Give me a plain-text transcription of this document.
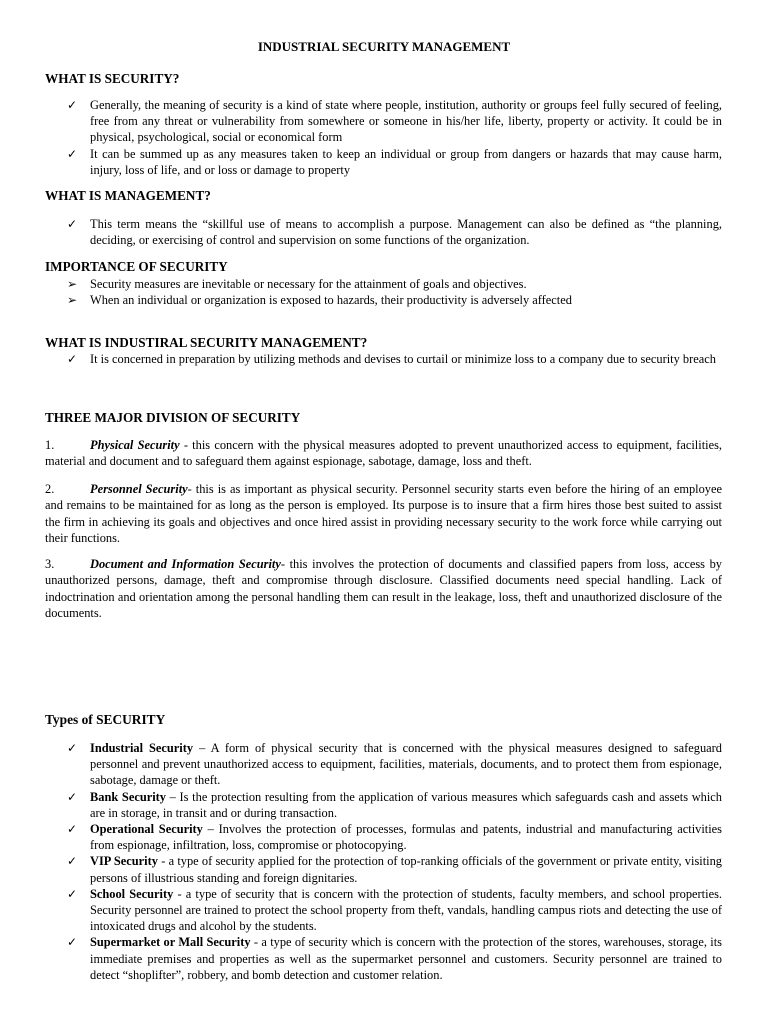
INDUSTRIAL SECURITY MANAGEMENT
WHAT IS SECURITY?
✓ Generally, the meaning of security is a kind of state where people, institution, authority or groups feel fully secured of feeling, free from any threat or vulnerability from somewhere or someone in his/her life, liberty, property or activity. It could be in physical, psychological, social or economical form
✓ It can be summed up as any measures taken to keep an individual or group from dangers or hazards that may cause harm, injury, loss of life, and or loss or damage to property
WHAT IS MANAGEMENT?
✓ This term means the “skillful use of means to accomplish a purpose. Management can also be defined as “the planning, deciding, or exercising of control and supervision on some functions of the organization.
IMPORTANCE OF SECURITY
➢ Security measures are inevitable or necessary for the attainment of goals and objectives.
➢ When an individual or organization is exposed to hazards, their productivity is adversely affected
WHAT IS INDUSTIRAL SECURITY MANAGEMENT?
✓ It is concerned in preparation by utilizing methods and devises to curtail or minimize loss to a company due to security breach
THREE MAJOR DIVISION OF SECURITY

1.	Physical Security - this concern with the physical measures adopted to prevent unauthorized access to equipment, facilities, material and document and to safeguard them against espionage, sabotage, damage, loss and theft.

2.	Personnel Security- this is as important as physical security. Personnel security starts even before the hiring of an employee and remains to be maintained for as long as the person is employed. Its purpose is to insure that a firm hires those best suited to assist the firm in achieving its goals and objectives and once hired assist in providing necessary security to the work force while carrying out their functions.

3.	Document and Information Security- this involves the protection of documents and classified papers from loss, access by unauthorized persons, damage, theft and compromise through disclosure. Classified documents need special handling. Lack of indoctrination and orientation among the personal handling them can result in the leakage, loss, theft and unauthorized disclosure of the documents.

Types of SECURITY
✓ Industrial Security – A form of physical security that is concerned with the physical measures designed to safeguard personnel and prevent unauthorized access to equipment, facilities, materials, documents, and to protect them from espionage, sabotage, damage or theft.
✓ Bank Security – Is the protection resulting from the application of various measures which safeguards cash and assets which are in storage, in transit and or during transaction.
✓ Operational Security – Involves the protection of processes, formulas and patents, industrial and manufacturing activities from espionage, infiltration, loss, compromise or photocopying.
✓ VIP Security - a type of security applied for the protection of top-ranking officials of the government or private entity, visiting persons of illustrious standing and foreign dignitaries.
✓ School Security - a type of security that is concern with the protection of students, faculty members, and school properties. Security personnel are trained to protect the school property from theft, vandals, handling campus riots and detecting the use of intoxicated drugs and alcohol by the students.
✓ Supermarket or Mall Security - a type of security which is concern with the protection of the stores, warehouses, storage, its immediate premises and properties as well as the supermarket personnel and customers. Security personnel are trained to detect “shoplifter”, robbery, and bomb detection and customer relation.
